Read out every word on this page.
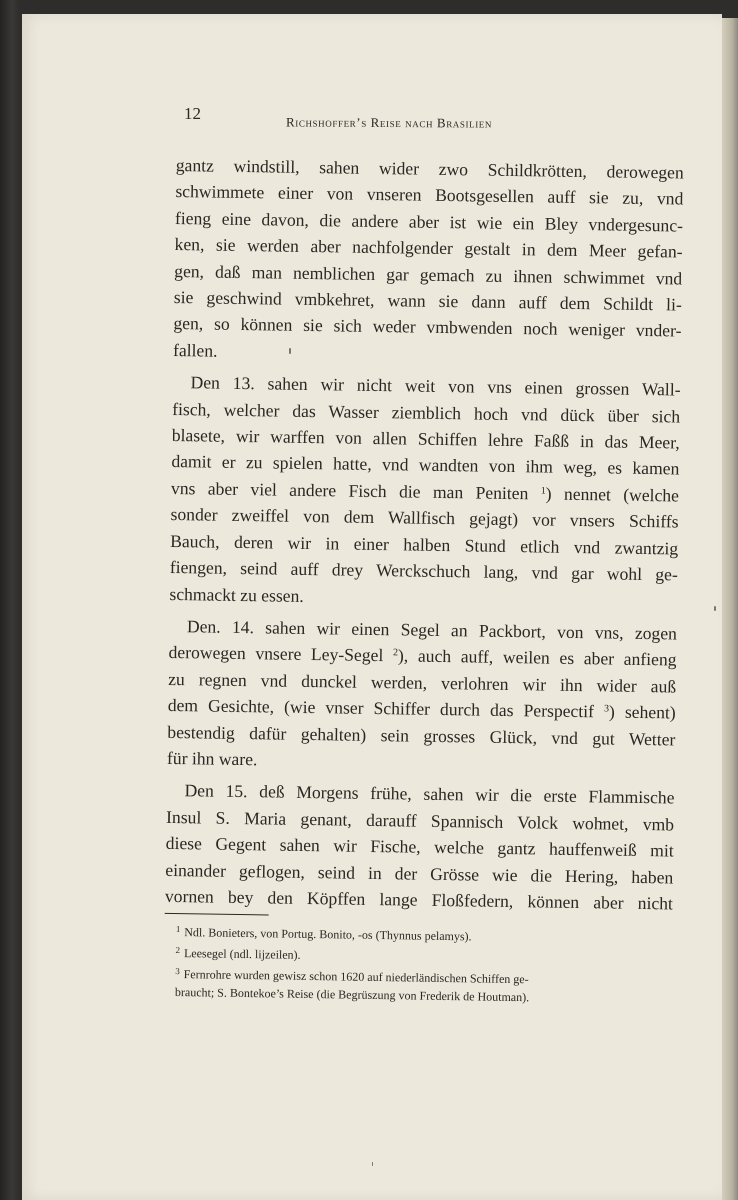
12	Richshoffer’s Reise nach Brasilien

gantz windstill, sahen wider zwo Schildkrötten, derowegen
schwimmete einer von vnseren Bootsgesellen auff sie zu, vnd
fieng eine davon, die andere aber ist wie ein Bley vndergesunc-
ken, sie werden aber nachfolgender gestalt in dem Meer gefan-
gen, daß man nemblichen gar gemach zu ihnen schwimmet vnd
sie geschwind vmbkehret, wann sie dann auff dem Schildt li-
gen, so können sie sich weder vmbwenden noch weniger vnder-
fallen.

Den 13. sahen wir nicht weit von vns einen grossen Wall-
fisch, welcher das Wasser ziemblich hoch vnd dück über sich
blasete, wir warffen von allen Schiffen lehre Faßß in das Meer,
damit er zu spielen hatte, vnd wandten von ihm weg, es kamen
vns aber viel andere Fisch die man Peniten $^1$) nennet (welche
sonder zweiffel von dem Wallfisch gejagt) vor vnsers Schiffs
Bauch, deren wir in einer halben Stund etlich vnd zwantzig
fiengen, seind auff drey Werckschuch lang, vnd gar wohl ge-
schmackt zu essen.

Den. 14. sahen wir einen Segel an Packbort, von vns, zogen
derowegen vnsere Ley-Segel $^2$), auch auff, weilen es aber anfieng
zu regnen vnd dunckel werden, verlohren wir ihn wider auß
dem Gesichte, (wie vnser Schiffer durch das Perspectif $^3$) sehent)
bestendig dafür gehalten) sein grosses Glück, vnd gut Wetter
für ihn ware.

Den 15. deß Morgens frühe, sahen wir die erste Flammische
Insul S. Maria genant, darauff Spannisch Volck wohnet, vmb
diese Gegent sahen wir Fische, welche gantz hauffenweiß mit
einander geflogen, seind in der Grösse wie die Hering, haben
vornen bey den Köpffen lange Floßfedern, können aber nicht

$^1$ Ndl. Bonieters, von Portug. Bonito, -os (Thynnus pelamys).
$^2$ Leesegel (ndl. lijzeilen).
$^3$ Fernrohre wurden gewisz schon 1620 auf niederländischen Schiffen ge-
braucht; S. Bontekoe’s Reise (die Begrüszung von Frederik de Houtman).
